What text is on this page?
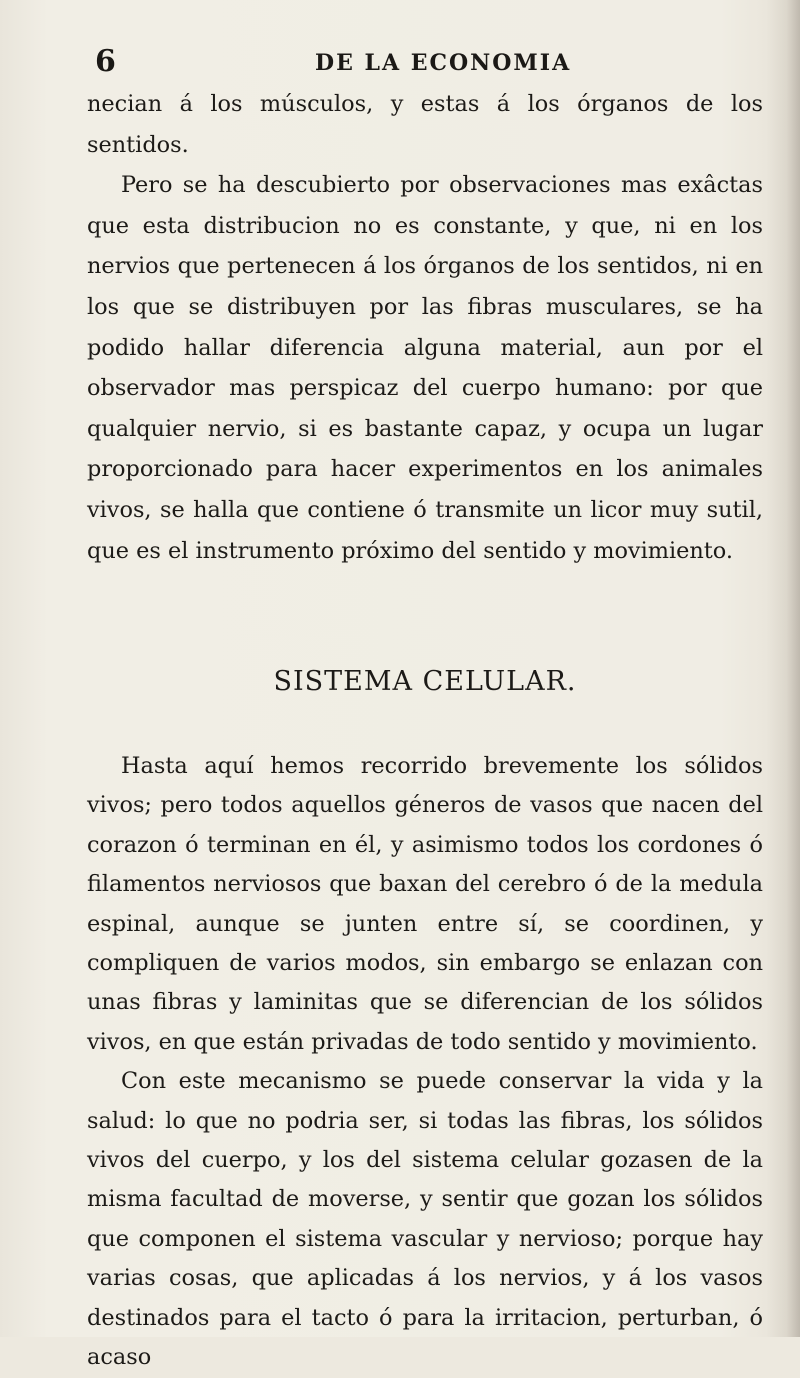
6	DE LA ECONOMIA

necian á los músculos, y estas á los órganos de los sentidos.

Pero se ha descubierto por observaciones mas exâctas que esta distribucion no es constante, y que, ni en los nervios que pertenecen á los órganos de los sentidos, ni en los que se distribuyen por las fibras musculares, se ha podido hallar diferencia alguna material, aun por el observador mas perspicaz del cuerpo humano: por que qualquier nervio, si es bastante capaz, y ocupa un lugar proporcionado para hacer experimentos en los animales vivos, se halla que contiene ó transmite un licor muy sutil, que es el instrumento próximo del sentido y movimiento.

SISTEMA CELULAR.

Hasta aquí hemos recorrido brevemente los sólidos vivos; pero todos aquellos géneros de vasos que nacen del corazon ó terminan en él, y asimismo todos los cordones ó filamentos nerviosos que baxan del cerebro ó de la medula espinal, aunque se junten entre sí, se coordinen, y compliquen de varios modos, sin embargo se enlazan con unas fibras y laminitas que se diferencian de los sólidos vivos, en que están privadas de todo sentido y movimiento.

Con este mecanismo se puede conservar la vida y la salud: lo que no podria ser, si todas las fibras, los sólidos vivos del cuerpo, y los del sistema celular gozasen de la misma facultad de moverse, y sentir que gozan los sólidos que componen el sistema vascular y nervioso; porque hay varias cosas, que aplicadas á los nervios, y á los vasos destinados para el tacto ó para la irritacion, perturban, ó acaso
